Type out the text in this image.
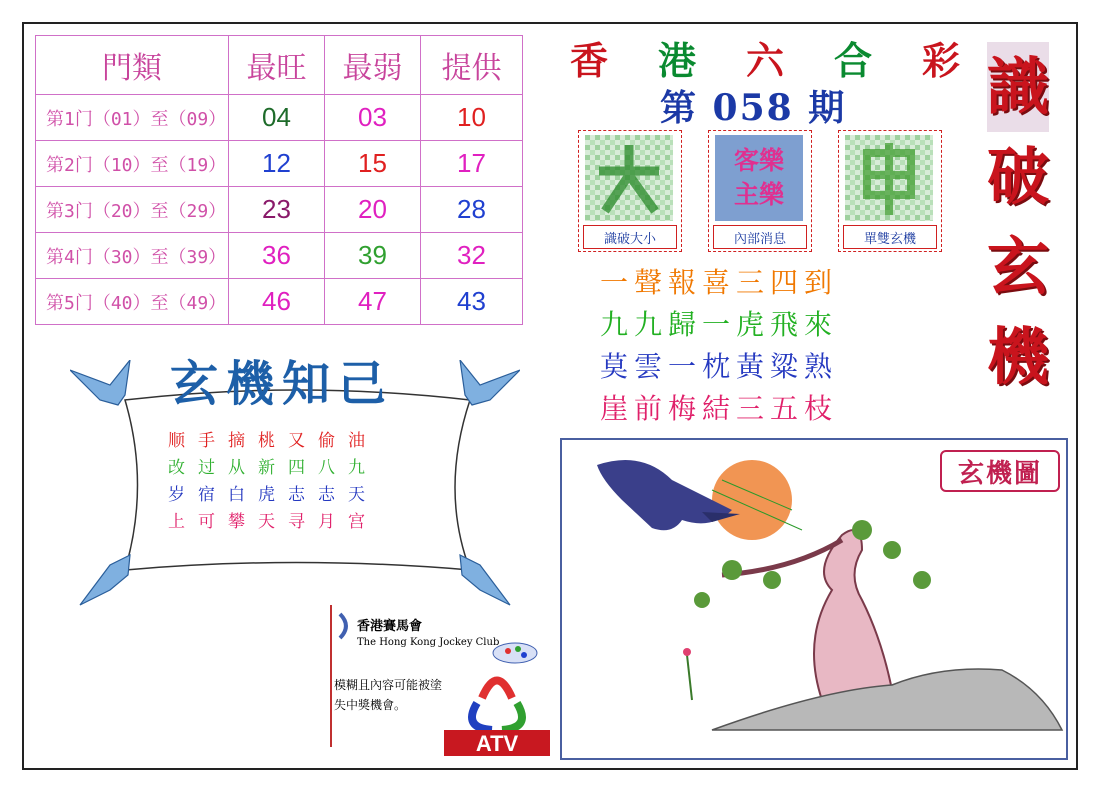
門類	最旺	最弱	提供
第1门（01）至（09）	04	03	10
第2门（10）至（19）	12	15	17
第3门（20）至（29）	23	20	28
第4门（30）至（39）	36	39	32
第5门（40）至（49）	46	47	43
香 港 六 合 彩
第 058 期 識
破
玄
機
識破大小
客樂主樂
內部消息	單雙玄機
一聲報喜三四到
九九歸一虎飛來
莫雲一枕黃粱熟
崖前梅結三五枝
玄機知己
顺手摘桃又偷油
改过从新四八九
岁宿白虎志志天
上可攀天寻月宫
香港賽馬會
The Hong Kong Jockey Club
模糊且內容可能被塗
失中獎機會。
ATV
玄機圖
